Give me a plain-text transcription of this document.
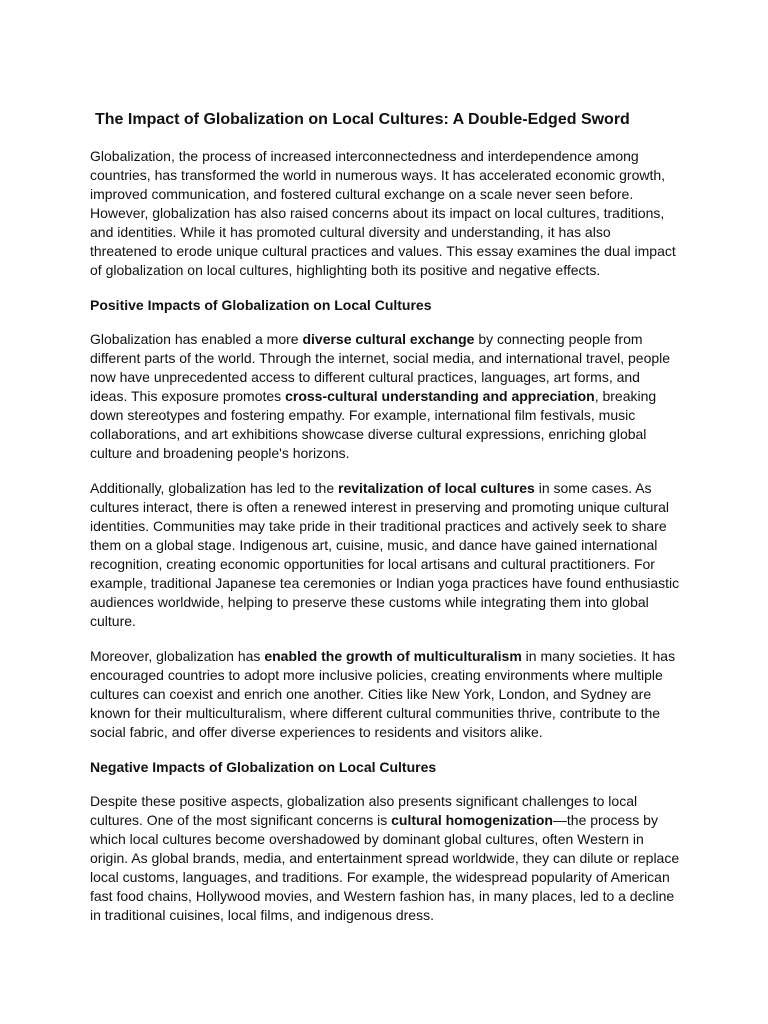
The Impact of Globalization on Local Cultures: A Double-Edged Sword

Globalization, the process of increased interconnectedness and interdependence among countries, has transformed the world in numerous ways. It has accelerated economic growth, improved communication, and fostered cultural exchange on a scale never seen before. However, globalization has also raised concerns about its impact on local cultures, traditions, and identities. While it has promoted cultural diversity and understanding, it has also threatened to erode unique cultural practices and values. This essay examines the dual impact of globalization on local cultures, highlighting both its positive and negative effects.

Positive Impacts of Globalization on Local Cultures

Globalization has enabled a more diverse cultural exchange by connecting people from different parts of the world. Through the internet, social media, and international travel, people now have unprecedented access to different cultural practices, languages, art forms, and ideas. This exposure promotes cross-cultural understanding and appreciation, breaking down stereotypes and fostering empathy. For example, international film festivals, music collaborations, and art exhibitions showcase diverse cultural expressions, enriching global culture and broadening people's horizons.

Additionally, globalization has led to the revitalization of local cultures in some cases. As cultures interact, there is often a renewed interest in preserving and promoting unique cultural identities. Communities may take pride in their traditional practices and actively seek to share them on a global stage. Indigenous art, cuisine, music, and dance have gained international recognition, creating economic opportunities for local artisans and cultural practitioners. For example, traditional Japanese tea ceremonies or Indian yoga practices have found enthusiastic audiences worldwide, helping to preserve these customs while integrating them into global culture.

Moreover, globalization has enabled the growth of multiculturalism in many societies. It has encouraged countries to adopt more inclusive policies, creating environments where multiple cultures can coexist and enrich one another. Cities like New York, London, and Sydney are known for their multiculturalism, where different cultural communities thrive, contribute to the social fabric, and offer diverse experiences to residents and visitors alike.

Negative Impacts of Globalization on Local Cultures

Despite these positive aspects, globalization also presents significant challenges to local cultures. One of the most significant concerns is cultural homogenization—the process by which local cultures become overshadowed by dominant global cultures, often Western in origin. As global brands, media, and entertainment spread worldwide, they can dilute or replace local customs, languages, and traditions. For example, the widespread popularity of American fast food chains, Hollywood movies, and Western fashion has, in many places, led to a decline in traditional cuisines, local films, and indigenous dress.
